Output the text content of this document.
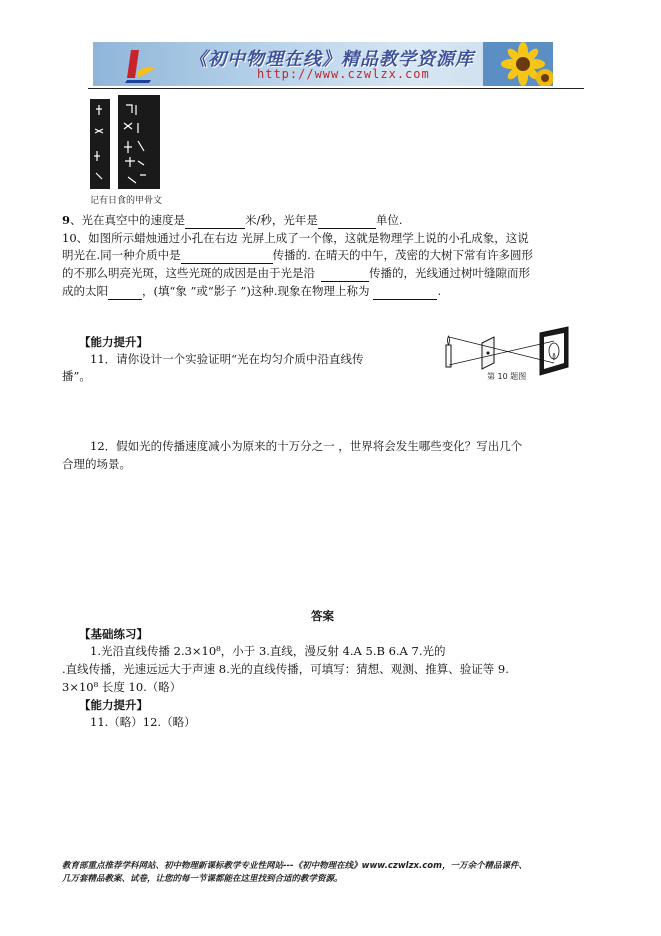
《初中物理在线》精品教学资源库
http://www.czwlzx.com
记有日食的甲骨文
9、光在真空中的速度是	米/秒，光年是	单位.
10、如图所示蜡烛通过小孔在右边 光屏上成了一个像，这就是物理学上说的小孔成象，这说
明光在.同一种介质中是	传播的. 在晴天的中午，茂密的大树下常有许多圆形
的不那么明亮光斑，这些光斑的成因是由于光是沿	传播的，光线通过树叶缝隙而形
成的太阳	，(填“象 ”或“影子 ”)这种.现象在物理上称为	.
【能力提升】
11．请你设计一个实验证明“光在均匀介质中沿直线传
播”。	第 10 题图
12．假如光的传播速度减小为原来的十万分之一 ，世界将会发生哪些变化？写出几个
合理的场景。
答案
【基础练习】
1.光沿直线传播 2.3×10⁸，小于 3.直线，漫反射 4.A 5.B 6.A 7.光的
.直线传播，光速远远大于声速 8.光的直线传播，可填写：猜想、观测、推算、验证等 9.
3×10⁸ 长度 10.（略）
【能力提升】
11.（略）12.（略）
教育部重点推荐学科网站、初中物理新课标教学专业性网站---《初中物理在线》www.czwlzx.com，一万余个精品课件、
几万套精品教案、试卷，让您的每一节课都能在这里找到合适的教学资源。
